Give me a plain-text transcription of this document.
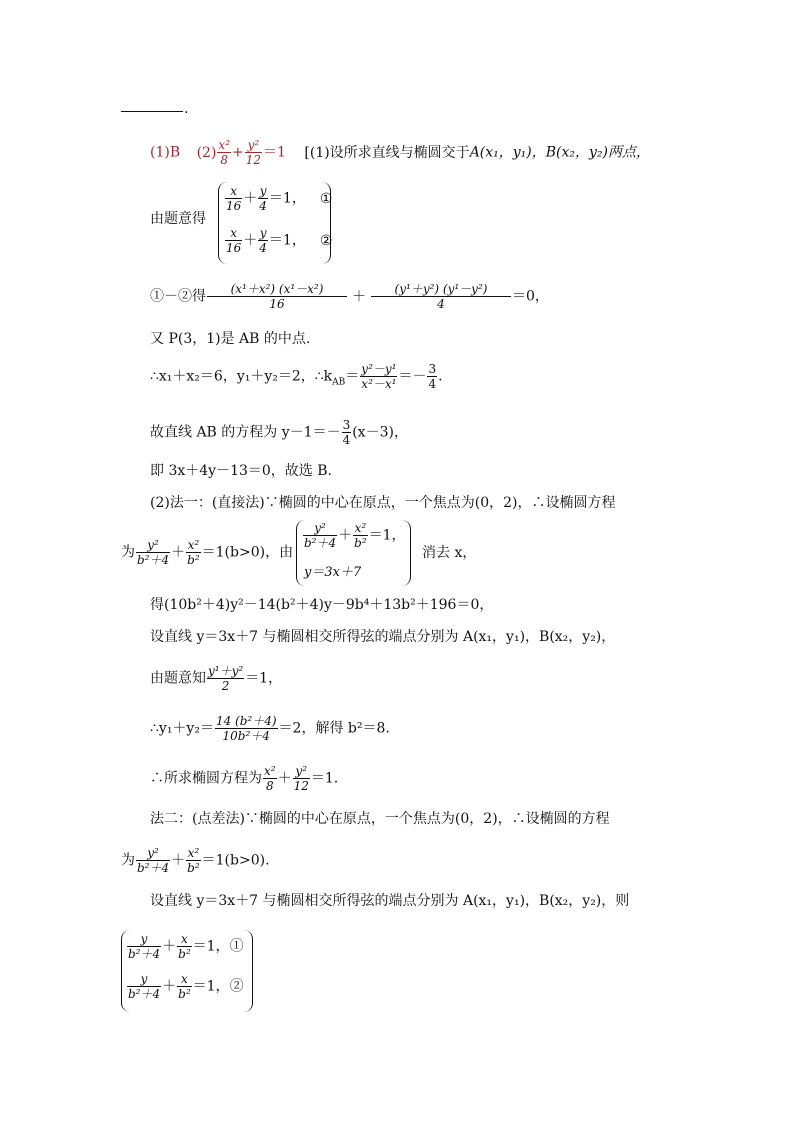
.
(1)B $(2) \frac{\text{x²}}{8} + \frac{\text{y²}}{12} =1$ [(1)设所求直线与椭圆交于A(x₁，y₁)，B(x₂，y₂)两点，
由题意得
$\frac{x}{16} + \frac{y}{4} =1$， ①
$\frac{x}{16} + \frac{y}{4} =1$， ②
①－②得 $\frac{\text{(x¹＋x²) (x¹－x²)}}{16} + \frac{\text{(y¹＋y²) (y¹－y²)}}{4} =0$，
又 P(3，1)是 AB 的中点.
∴x₁＋x₂＝6，y₁＋y₂＝2，$\therefore k_{AB}= \frac{\text{y²－y¹}}{\text{x²－x¹}} =- \frac{3}{4}$ .
故直线 AB 的方程为 $y-1=- \frac{3}{4} (x-3)$，
即 3x＋4y－13＝0，故选 B.
(2)法一：(直接法)∵椭圆的中心在原点，一个焦点为(0，2)，∴设椭圆方程
为 $\frac{\text{y²}}{\text{b²＋4}} + \frac{\text{x²}}{\text{b²}} =1(b>0)$，由
$\frac{\text{y²}}{\text{b²＋4}} + \frac{\text{x²}}{\text{b²}} =1$，
y＝3x＋7
消去 x，
得(10b²＋4)y²－14(b²＋4)y－9b⁴＋13b²＋196＝0，
设直线 y＝3x＋7 与椭圆相交所得弦的端点分别为 A(x₁，y₁)，B(x₂，y₂)，
由题意知 $\frac{\text{y¹＋y²}}{2} =1$，
∴y₁＋y₂＝ $\frac{\text{14 (b²＋4)}}{\text{10b²＋4}} =2$，解得 b²＝8.
∴所求椭圆方程为 $\frac{\text{x²}}{8} + \frac{\text{y²}}{12} =1$.
法二：(点差法)∵椭圆的中心在原点，一个焦点为(0，2)，∴设椭圆的方程
为 $\frac{\text{y²}}{\text{b²＋4}} + \frac{\text{x²}}{\text{b²}} =1(b>0)$.
设直线 y＝3x＋7 与椭圆相交所得弦的端点分别为 A(x₁，y₁)，B(x₂，y₂)，则
$\frac{y}{\text{b²＋4}} + \frac{x}{\text{b²}} =1$，①
$\frac{y}{\text{b²＋4}} + \frac{x}{\text{b²}} =1$，②
